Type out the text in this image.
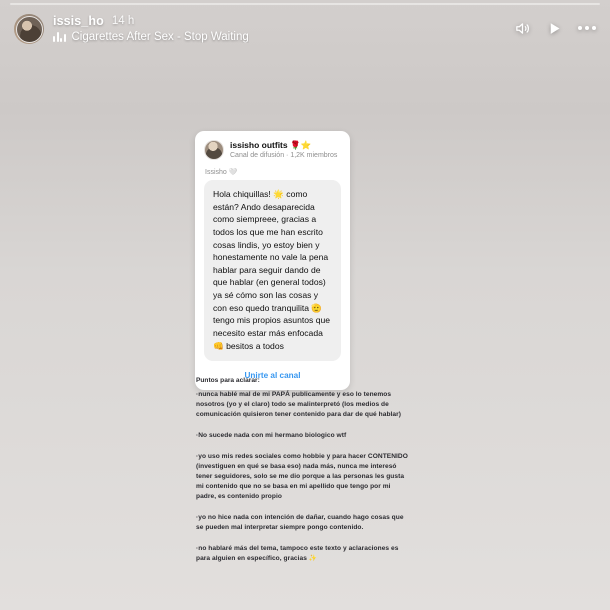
issis_ho 14 h
Cigarettes After Sex - Stop Waiting
issisho outfits 🌹⭐
Canal de difusión · 1,2K miembros
Issisho 🤍
Hola chiquillas! 🌟 como están? Ando desaparecida como siempreee, gracias a todos los que me han escrito cosas lindis, yo estoy bien y honestamente no vale la pena hablar para seguir dando de que hablar (en general todos) ya sé cómo son las cosas y con eso quedo tranquilita 🫡 tengo mis propios asuntos que necesito estar más enfocada 👊 besitos a todos
Unirte al canal
Puntos para aclarar:

·nunca hablé mal de mi PAPÁ publicamente y eso lo tenemos nosotros (yo y el claro) todo se malinterpretó (los medios de comunicación quisieron tener contenido para dar de qué hablar)

·No sucede nada con mi hermano biologico wtf

·yo uso mis redes sociales como hobbie y para hacer CONTENIDO (investiguen en qué se basa eso) nada más, nunca me interesó tener seguidores, solo se me dio porque a las personas les gusta mi contenido que no se basa en mi apellido que tengo por mi padre, es contenido propio

·yo no hice nada con intención de dañar, cuando hago cosas que se pueden mal interpretar siempre pongo contenido.

·no hablaré más del tema, tampoco este texto y aclaraciones es para alguien en específico, gracias ✨
